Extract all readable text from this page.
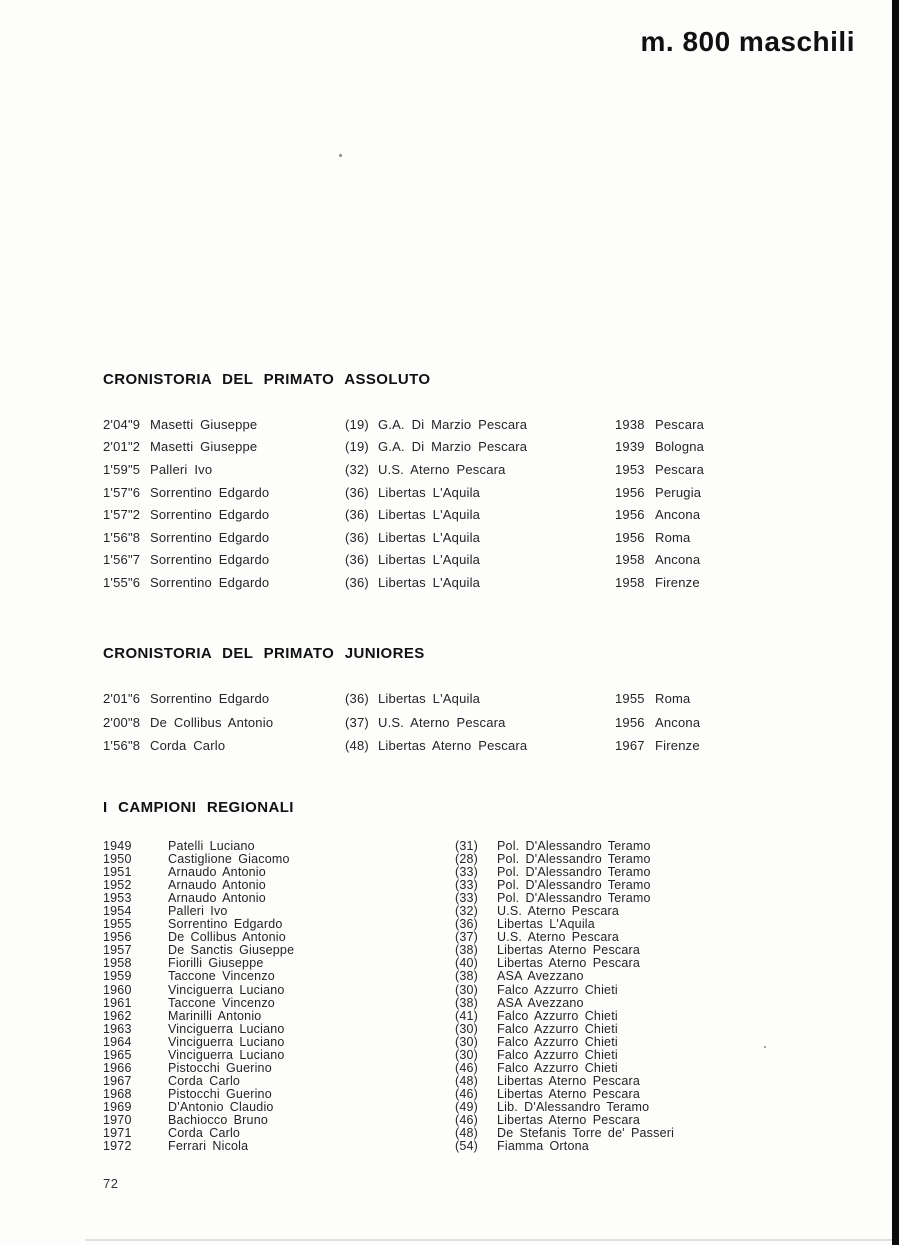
m. 800 maschili
CRONISTORIA DEL PRIMATO ASSOLUTO
2'04"9 Masetti Giuseppe	(19) G.A. Di Marzio Pescara	1938 Pescara
2'01"2 Masetti Giuseppe	(19) G.A. Di Marzio Pescara	1939 Bologna
1'59"5 Palleri Ivo	(32) U.S. Aterno Pescara	1953 Pescara
1'57"6 Sorrentino Edgardo	(36) Libertas L'Aquila	1956 Perugia
1'57"2 Sorrentino Edgardo	(36) Libertas L'Aquila	1956 Ancona
1'56"8 Sorrentino Edgardo	(36) Libertas L'Aquila	1956 Roma
1'56"7 Sorrentino Edgardo	(36) Libertas L'Aquila	1958 Ancona
1'55"6 Sorrentino Edgardo	(36) Libertas L'Aquila	1958 Firenze
CRONISTORIA DEL PRIMATO JUNIORES
2'01"6 Sorrentino Edgardo	(36) Libertas L'Aquila	1955 Roma
2'00"8 De Collibus Antonio	(37) U.S. Aterno Pescara	1956 Ancona
1'56"8 Corda Carlo	(48) Libertas Aterno Pescara	1967 Firenze
I CAMPIONI REGIONALI
1949	Patelli Luciano	(31)	Pol. D'Alessandro Teramo
1950	Castiglione Giacomo	(28)	Pol. D'Alessandro Teramo
1951	Arnaudo Antonio	(33)	Pol. D'Alessandro Teramo
1952	Arnaudo Antonio	(33)	Pol. D'Alessandro Teramo
1953	Arnaudo Antonio	(33)	Pol. D'Alessandro Teramo
1954	Palleri Ivo	(32)	U.S. Aterno Pescara
1955	Sorrentino Edgardo	(36)	Libertas L'Aquila
1956	De Collibus Antonio	(37)	U.S. Aterno Pescara
1957	De Sanctis Giuseppe	(38)	Libertas Aterno Pescara
1958	Fiorilli Giuseppe	(40)	Libertas Aterno Pescara
1959	Taccone Vincenzo	(38)	ASA Avezzano
1960	Vinciguerra Luciano	(30)	Falco Azzurro Chieti
1961	Taccone Vincenzo	(38)	ASA Avezzano
1962	Marinilli Antonio	(41)	Falco Azzurro Chieti
1963	Vinciguerra Luciano	(30)	Falco Azzurro Chieti
1964	Vinciguerra Luciano	(30)	Falco Azzurro Chieti
1965	Vinciguerra Luciano	(30)	Falco Azzurro Chieti
1966	Pistocchi Guerino	(46)	Falco Azzurro Chieti
1967	Corda Carlo	(48)	Libertas Aterno Pescara
1968	Pistocchi Guerino	(46)	Libertas Aterno Pescara
1969	D'Antonio Claudio	(49)	Lib. D'Alessandro Teramo
1970	Bachiocco Bruno	(46)	Libertas Aterno Pescara
1971	Corda Carlo	(48)	De Stefanis Torre de' Passeri
1972	Ferrari Nicola	(54)	Fiamma Ortona
72
